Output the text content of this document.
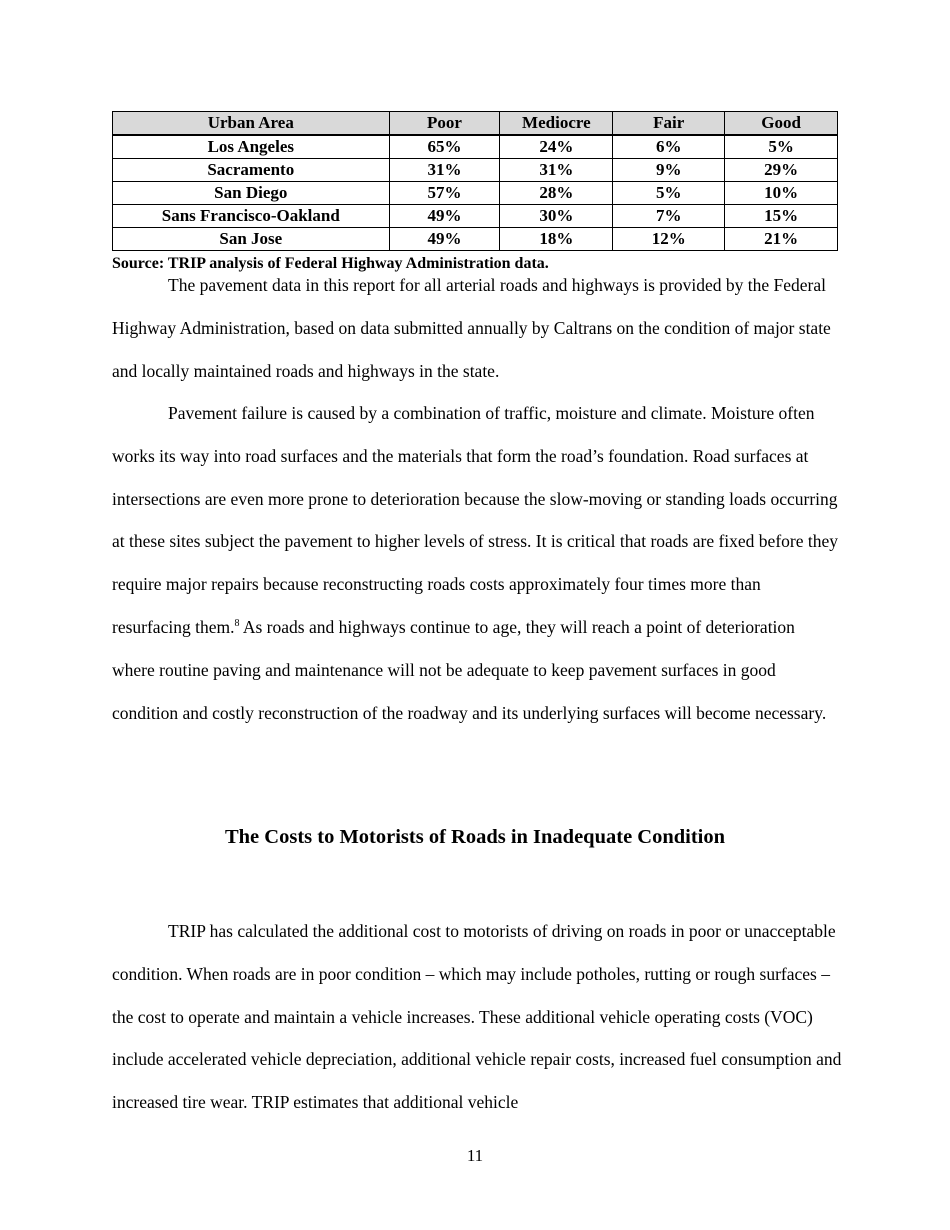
Urban Area	Poor	Mediocre	Fair	Good
Los Angeles	65%	24%	6%	5%
Sacramento	31%	31%	9%	29%
San Diego	57%	28%	5%	10%
Sans Francisco-Oakland	49%	30%	7%	15%
San Jose	49%	18%	12%	21%
Source: TRIP analysis of Federal Highway Administration data.

The pavement data in this report for all arterial roads and highways is provided by the Federal Highway Administration, based on data submitted annually by Caltrans on the condition of major state and locally maintained roads and highways in the state.

Pavement failure is caused by a combination of traffic, moisture and climate. Moisture often works its way into road surfaces and the materials that form the road’s foundation. Road surfaces at intersections are even more prone to deterioration because the slow-moving or standing loads occurring at these sites subject the pavement to higher levels of stress. It is critical that roads are fixed before they require major repairs because reconstructing roads costs approximately four times more than resurfacing them.$^8$ As roads and highways continue to age, they will reach a point of deterioration where routine paving and maintenance will not be adequate to keep pavement surfaces in good condition and costly reconstruction of the roadway and its underlying surfaces will become necessary.

The Costs to Motorists of Roads in Inadequate Condition

TRIP has calculated the additional cost to motorists of driving on roads in poor or unacceptable condition. When roads are in poor condition – which may include potholes, rutting or rough surfaces – the cost to operate and maintain a vehicle increases. These additional vehicle operating costs (VOC) include accelerated vehicle depreciation, additional vehicle repair costs, increased fuel consumption and increased tire wear. TRIP estimates that additional vehicle

11
